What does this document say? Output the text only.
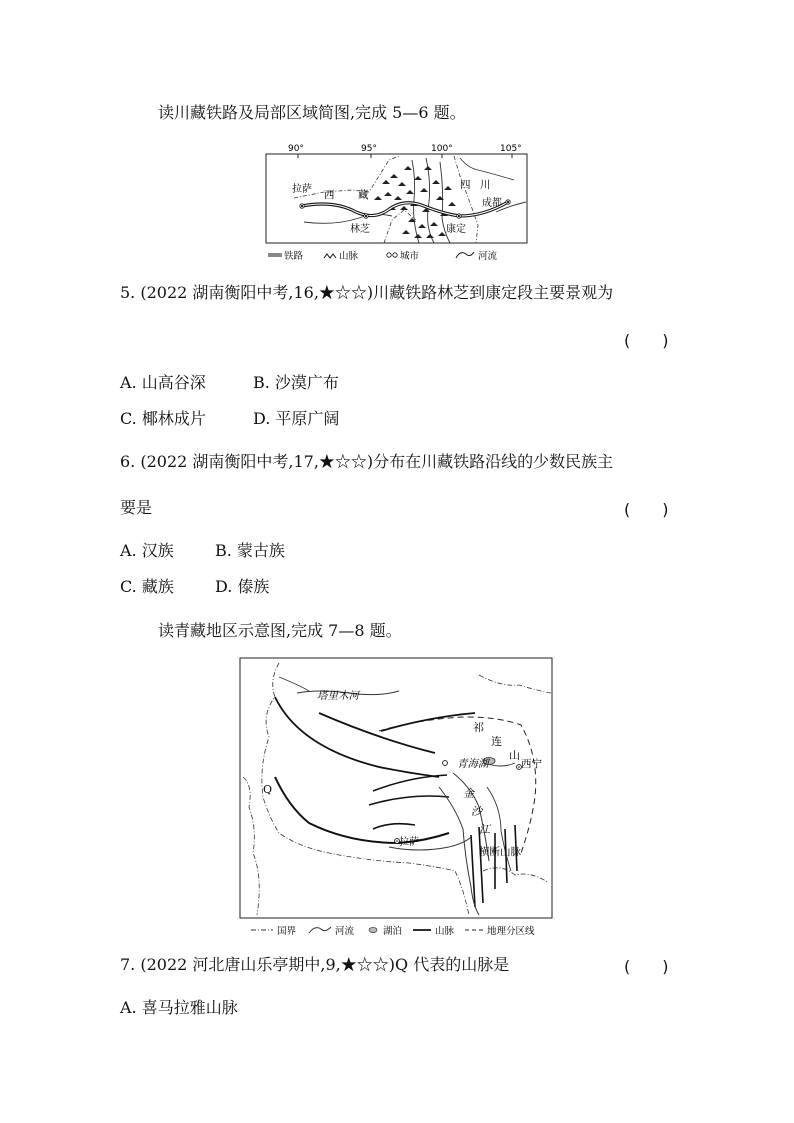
读川藏铁路及局部区域简图,完成 5—6 题。
90°	95°	100°	105°
西 藏
四 川
拉萨
林芝	康定
成都
铁路	山脉	城市	河流
5. (2022 湖南衡阳中考,16,★☆☆)川藏铁路林芝到康定段主要景观为
(　　)
A. 山高谷深	B. 沙漠广布
C. 椰林成片	D. 平原广阔
6. (2022 湖南衡阳中考,17,★☆☆)分布在川藏铁路沿线的少数民族主
要是	(　　)
A. 汉族	B. 蒙古族
C. 藏族	D. 傣族
读青藏地区示意图,完成 7—8 题。
塔里木河
祁
连
山
青海湖	西宁
金
沙
江
横断山脉
拉萨
Q
国界	河流	湖泊	山脉	地理分区线
7. (2022 河北唐山乐亭期中,9,★☆☆)Q 代表的山脉是	(　　)
A. 喜马拉雅山脉
